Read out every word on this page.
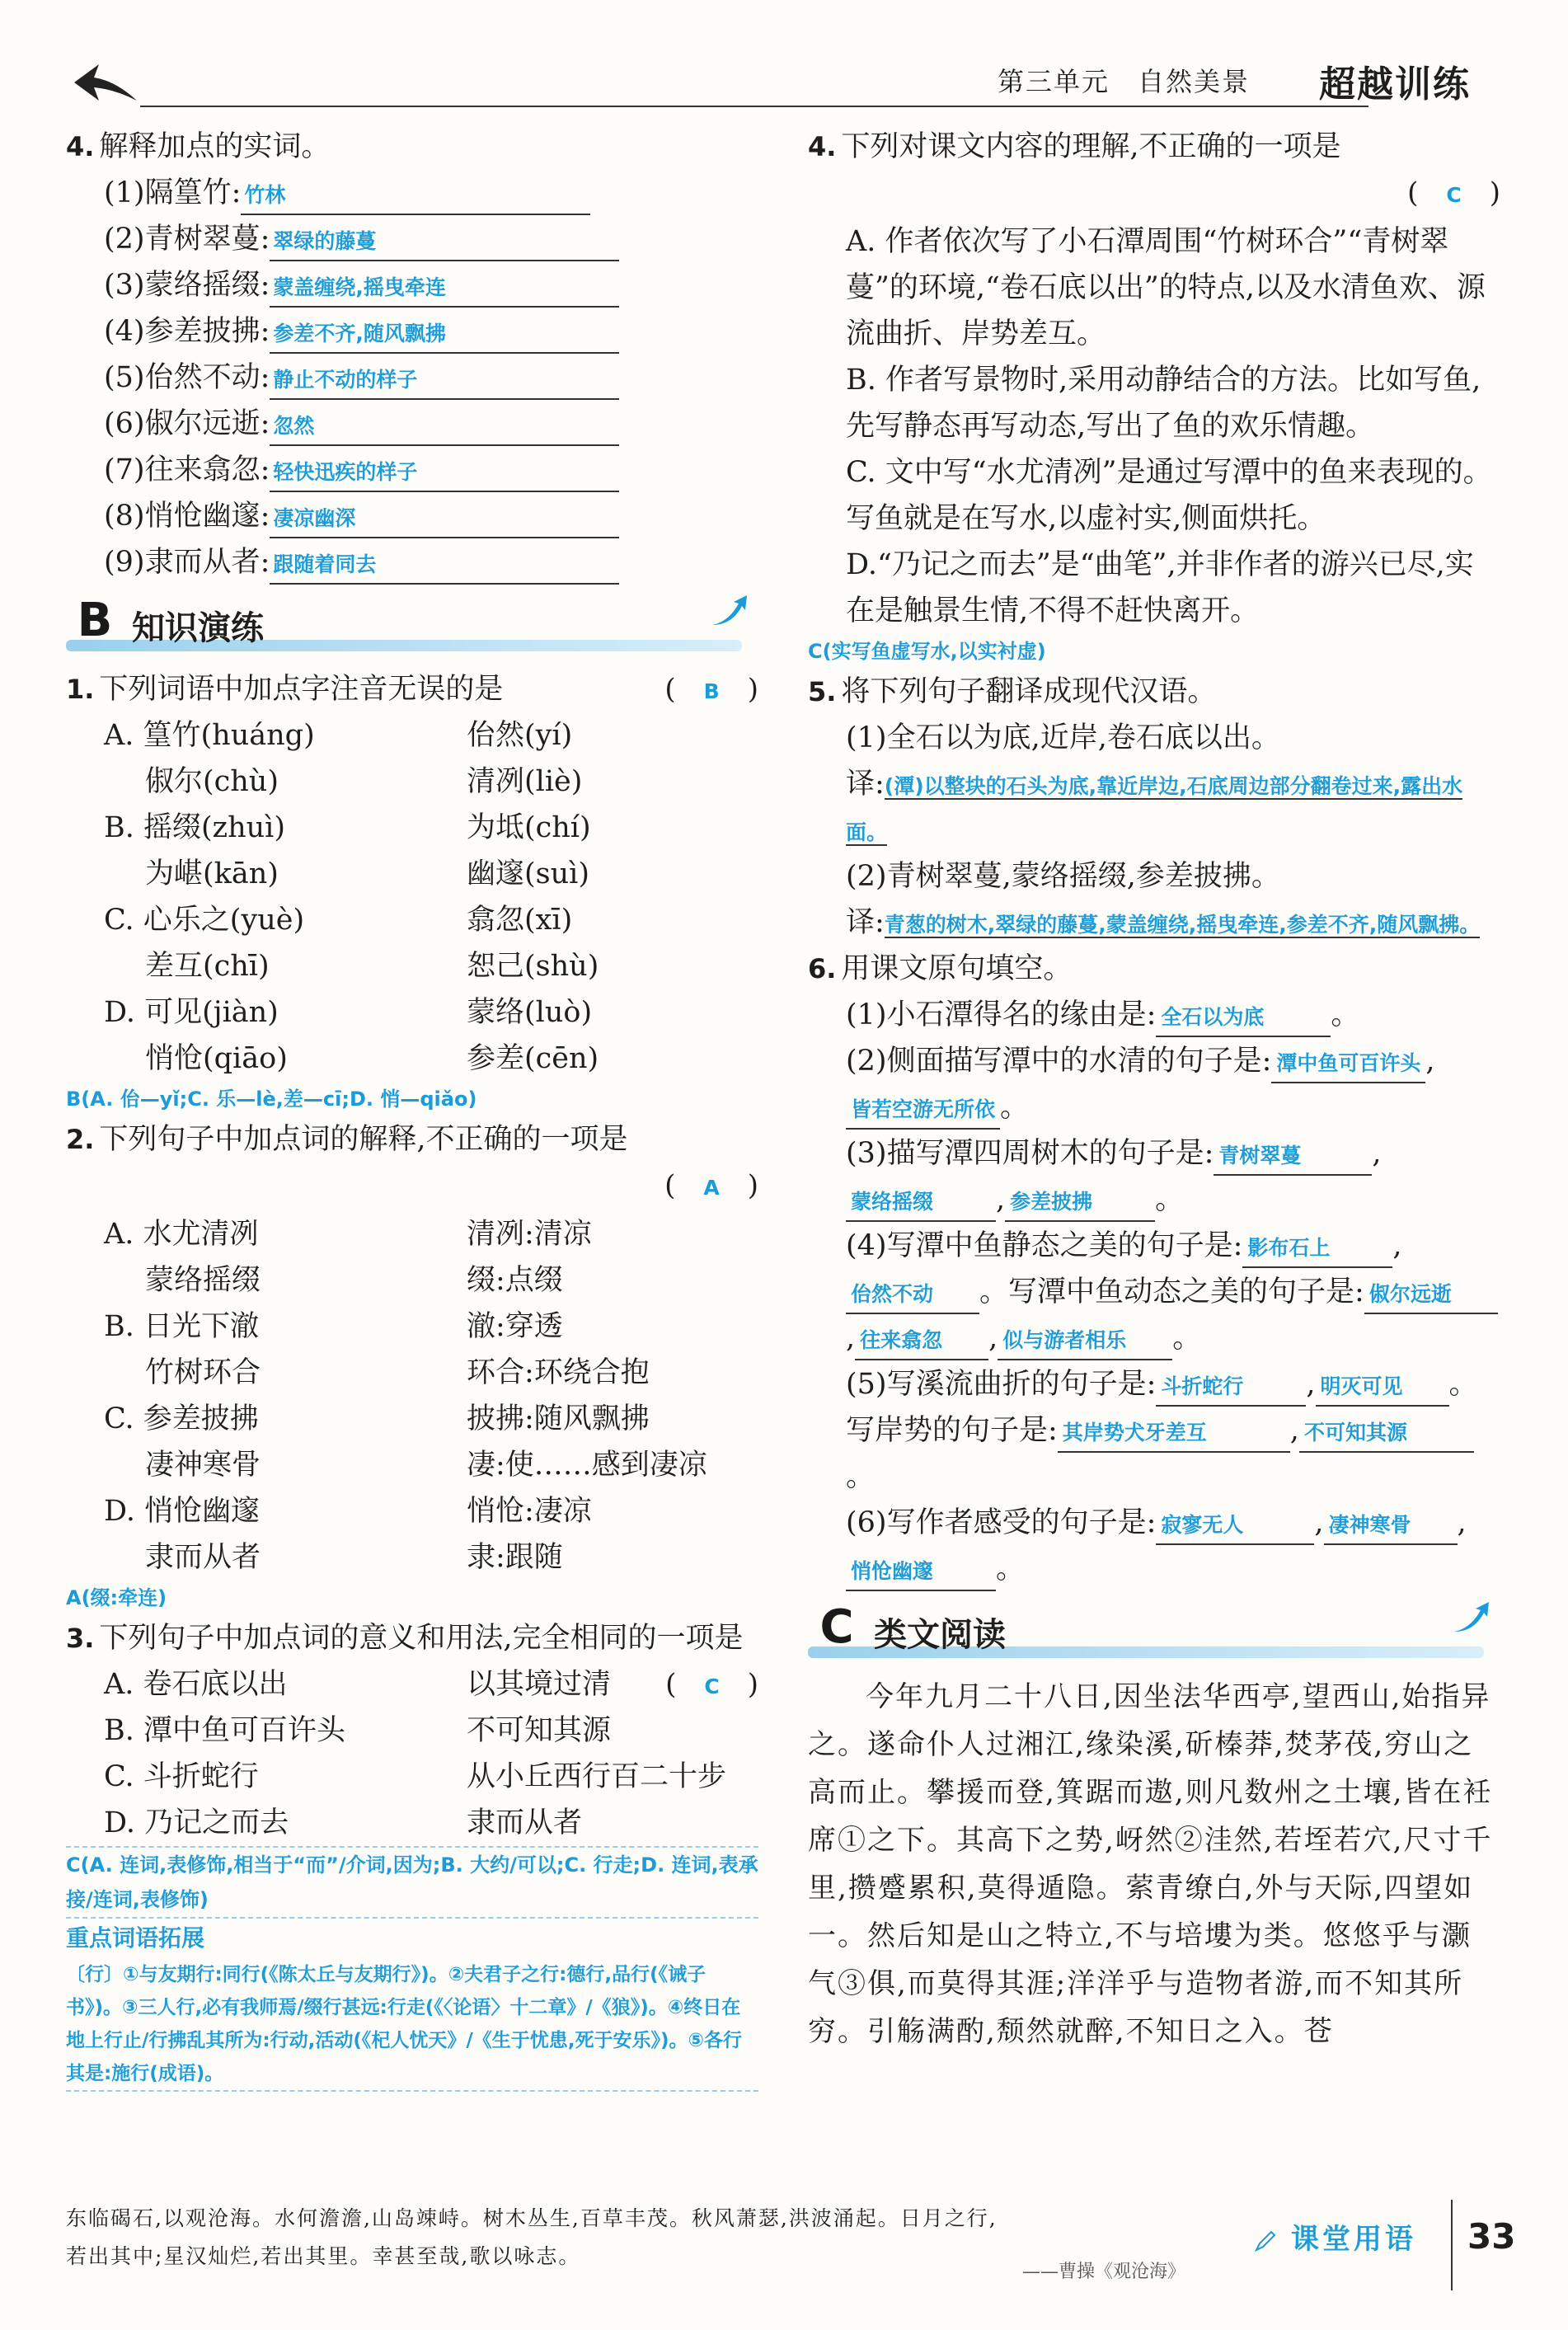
第三单元　自然美景 超越训练
4. 解释加点的实词。
(1)隔篁竹: 竹林
(2)青树翠蔓: 翠绿的藤蔓
(3)蒙络摇缀: 蒙盖缠绕,摇曳牵连
(4)参差披拂: 参差不齐,随风飘拂
(5)佁然不动: 静止不动的样子
(6)俶尔远逝: 忽然
(7)往来翕忽: 轻快迅疾的样子
(8)悄怆幽邃: 凄凉幽深
(9)隶而从者: 跟随着同去
B 知识演练
1. 下列词语中加点字注音无误的是	(　B　)
A. 篁竹(huáng)	佁然(yí)
俶尔(chù)	清冽(liè)
B. 摇缀(zhuì)	为坻(chí)
为嵁(kān)	幽邃(suì)
C. 心乐之(yuè)	翕忽(xī)
差互(chī)	恕己(shù)
D. 可见(jiàn)	蒙络(luò)
悄怆(qiāo)	参差(cēn)
B(A. 佁—yǐ;C. 乐—lè,差—cī;D. 悄—qiǎo)
2. 下列句子中加点词的解释,不正确的一项是
(　A　)
A. 水尤清冽	清冽:清凉
蒙络摇缀	缀:点缀
B. 日光下澈	澈:穿透
竹树环合	环合:环绕合抱
C. 参差披拂	披拂:随风飘拂
凄神寒骨	凄:使……感到凄凉
D. 悄怆幽邃	悄怆:凄凉
隶而从者	隶:跟随
A(缀:牵连)
3. 下列句子中加点词的意义和用法,完全相同的一项是
(　C　)
A. 卷石底以出	以其境过清
B. 潭中鱼可百许头	不可知其源
C. 斗折蛇行	从小丘西行百二十步
D. 乃记之而去	隶而从者
C(A. 连词,表修饰,相当于“而”/介词,因为;B. 大约/可以;C. 行走;D. 连词,表承接/连词,表修饰)
重点词语拓展
〔行〕①与友期行:同行(《陈太丘与友期行》)。②夫君子之行:德行,品行(《诫子书》)。③三人行,必有我师焉/缀行甚远:行走(《〈论语〉十二章》/《狼》)。④终日在地上行止/行拂乱其所为:行动,活动(《杞人忧天》/《生于忧患,死于安乐》)。⑤各行其是:施行(成语)。
4. 下列对课文内容的理解,不正确的一项是
(　C　)
A. 作者依次写了小石潭周围“竹树环合”“青树翠蔓”的环境,“卷石底以出”的特点,以及水清鱼欢、源流曲折、岸势差互。
B. 作者写景物时,采用动静结合的方法。比如写鱼,先写静态再写动态,写出了鱼的欢乐情趣。
C. 文中写“水尤清冽”是通过写潭中的鱼来表现的。写鱼就是在写水,以虚衬实,侧面烘托。
D.“乃记之而去”是“曲笔”,并非作者的游兴已尽,实在是触景生情,不得不赶快离开。
C(实写鱼虚写水,以实衬虚)
5. 将下列句子翻译成现代汉语。
(1)全石以为底,近岸,卷石底以出。
译:(潭)以整块的石头为底,靠近岸边,石底周边部分翻卷过来,露出水面。
(2)青树翠蔓,蒙络摇缀,参差披拂。
译:青葱的树木,翠绿的藤蔓,蒙盖缠绕,摇曳牵连,参差不齐,随风飘拂。
6. 用课文原句填空。
(1)小石潭得名的缘由是: 全石以为底 。
(2)侧面描写潭中的水清的句子是: 潭中鱼可百许头 ,皆若空游无所依 。
(3)描写潭四周树木的句子是: 青树翠蔓 ,蒙络摇缀 , 参差披拂 。
(4)写潭中鱼静态之美的句子是: 影布石上 ,佁然不动 。写潭中鱼动态之美的句子是: 俶尔远逝, 往来翕忽 , 似与游者相乐 。
(5)写溪流曲折的句子是: 斗折蛇行 , 明灭可见 。写岸势的句子是: 其岸势犬牙差互	, 不可知其源。
(6)写作者感受的句子是: 寂寥无人 , 凄神寒骨 ,悄怆幽邃 。
C 类文阅读
今年九月二十八日,因坐法华西亭,望西山,始指异之。遂命仆人过湘江,缘染溪,斫榛莽,焚茅茷,穷山之高而止。攀援而登,箕踞而遨,则凡数州之土壤,皆在衽席①之下。其高下之势,岈然②洼然,若垤若穴,尺寸千里,攒蹙累积,莫得遁隐。萦青缭白,外与天际,四望如一。然后知是山之特立,不与培塿为类。悠悠乎与灏气③俱,而莫得其涯;洋洋乎与造物者游,而不知其所穷。引觞满酌,颓然就醉,不知日之入。苍
东临碣石,以观沧海。水何澹澹,山岛竦峙。树木丛生,百草丰茂。秋风萧瑟,洪波涌起。日月之行,
若出其中;星汉灿烂,若出其里。幸甚至哉,歌以咏志。
——曹操《观沧海》
课堂用语 33
